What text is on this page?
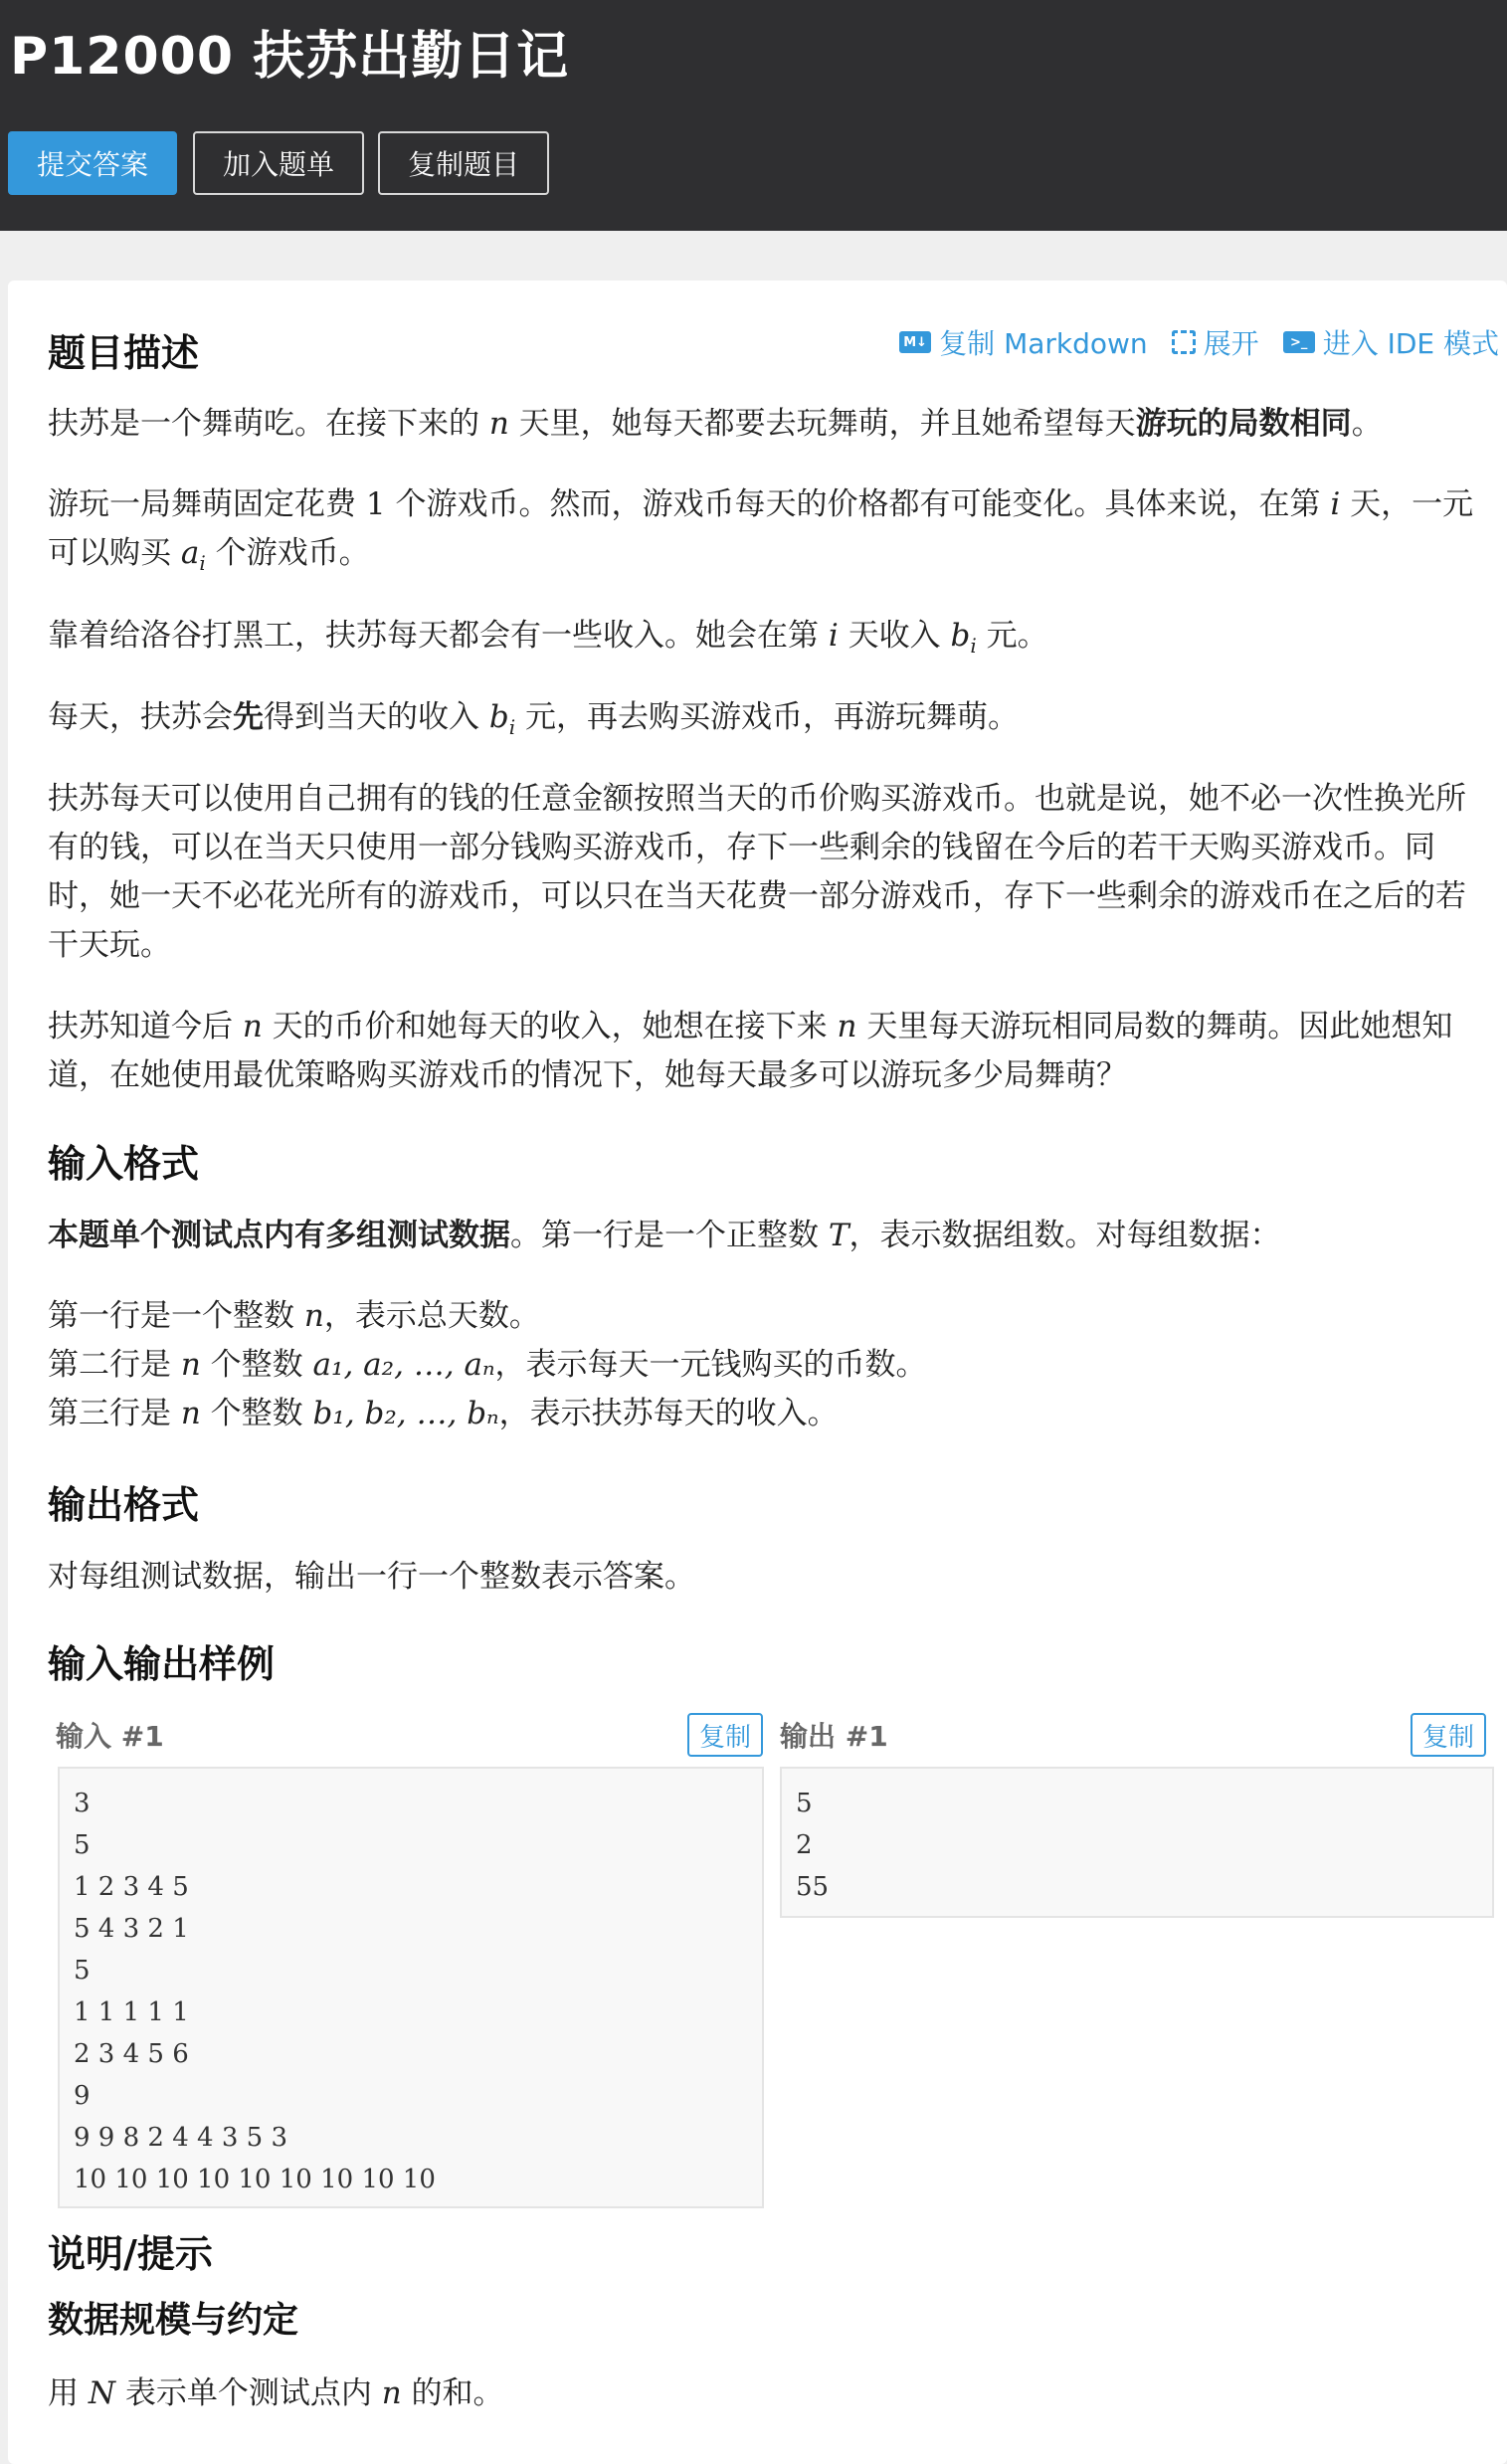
P12000 扶苏出勤日记
提交答案	加入题单	复制题目
M↓ 复制 Markdown 展开	>_ 进入 IDE 模式
题目描述
扶苏是一个舞萌吃。在接下来的 n 天里，她每天都要去玩舞萌，并且她希望每天游玩的局数相同。
游玩一局舞萌固定花费 1 个游戏币。然而，游戏币每天的价格都有可能变化。具体来说，在第 i 天，一元可以购买 $a_i$ 个游戏币。
靠着给洛谷打黑工，扶苏每天都会有一些收入。她会在第 i 天收入 $b_i$ 元。
每天，扶苏会先得到当天的收入 $b_i$ 元，再去购买游戏币，再游玩舞萌。
扶苏每天可以使用自己拥有的钱的任意金额按照当天的币价购买游戏币。也就是说，她不必一次性换光所有的钱，可以在当天只使用一部分钱购买游戏币，存下一些剩余的钱留在今后的若干天购买游戏币。同时，她一天不必花光所有的游戏币，可以只在当天花费一部分游戏币，存下一些剩余的游戏币在之后的若干天玩。
扶苏知道今后 n 天的币价和她每天的收入，她想在接下来 n 天里每天游玩相同局数的舞萌。因此她想知道，在她使用最优策略购买游戏币的情况下，她每天最多可以游玩多少局舞萌？
输入格式
本题单个测试点内有多组测试数据。第一行是一个正整数 T，表示数据组数。对每组数据：
第一行是一个整数 n，表示总天数。
第二行是 n 个整数 a₁, a₂, …, aₙ，表示每天一元钱购买的币数。
第三行是 n 个整数 b₁, b₂, …, bₙ，表示扶苏每天的收入。
输出格式
对每组测试数据，输出一行一个整数表示答案。
输入输出样例
输入 #1	复制
3
5
1 2 3 4 5
5 4 3 2 1
5
1 1 1 1 1
2 3 4 5 6
9
9 9 8 2 4 4 3 5 3
10 10 10 10 10 10 10 10 10
输出 #1	复制
5
2
55
说明/提示
数据规模与约定
用 N 表示单个测试点内 n 的和。
